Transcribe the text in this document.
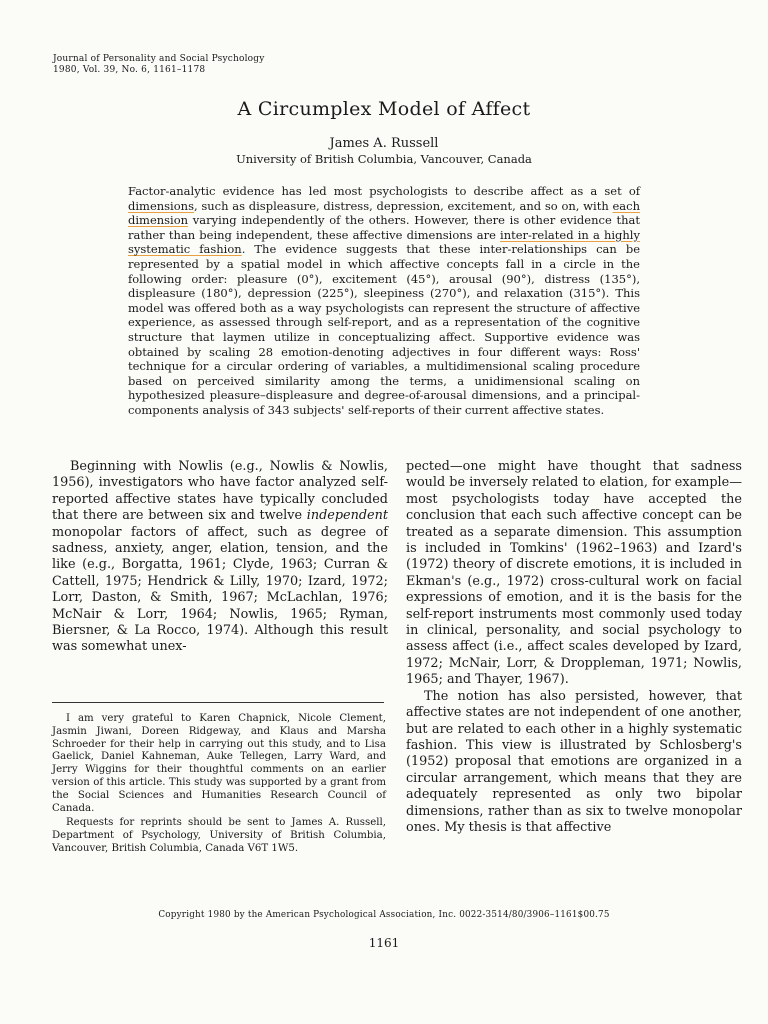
Journal of Personality and Social Psychology
1980, Vol. 39, No. 6, 1161–1178
A Circumplex Model of Affect
James A. Russell
University of British Columbia, Vancouver, Canada
Factor-analytic evidence has led most psychologists to describe affect as a set of dimensions, such as displeasure, distress, depression, excitement, and so on, with each dimension varying independently of the others. However, there is other evidence that rather than being independent, these affective dimensions are inter-related in a highly systematic fashion. The evidence suggests that these inter-relationships can be represented by a spatial model in which affective concepts fall in a circle in the following order: pleasure (0°), excitement (45°), arousal (90°), distress (135°), displeasure (180°), depression (225°), sleepiness (270°), and relaxation (315°). This model was offered both as a way psychologists can represent the structure of affective experience, as assessed through self-report, and as a representation of the cognitive structure that laymen utilize in conceptualizing affect. Supportive evidence was obtained by scaling 28 emotion-denoting adjectives in four different ways: Ross' technique for a circular ordering of variables, a multidimensional scaling procedure based on perceived similarity among the terms, a unidimensional scaling on hypothesized pleasure–displeasure and degree-of-arousal dimensions, and a principal-components analysis of 343 subjects' self-reports of their current affective states.

Beginning with Nowlis (e.g., Nowlis & Nowlis, 1956), investigators who have factor analyzed self-reported affective states have typically concluded that there are between six and twelve independent monopolar factors of affect, such as degree of sadness, anxiety, anger, elation, tension, and the like (e.g., Borgatta, 1961; Clyde, 1963; Curran & Cattell, 1975; Hendrick & Lilly, 1970; Izard, 1972; Lorr, Daston, & Smith, 1967; McLachlan, 1976; McNair & Lorr, 1964; Nowlis, 1965; Ryman, Biersner, & La Rocco, 1974). Although this result was somewhat unex-

I am very grateful to Karen Chapnick, Nicole Clement, Jasmin Jiwani, Doreen Ridgeway, and Klaus and Marsha Schroeder for their help in carrying out this study, and to Lisa Gaelick, Daniel Kahneman, Auke Tellegen, Larry Ward, and Jerry Wiggins for their thoughtful comments on an earlier version of this article. This study was supported by a grant from the Social Sciences and Humanities Research Council of Canada.

Requests for reprints should be sent to James A. Russell, Department of Psychology, University of British Columbia, Vancouver, British Columbia, Canada V6T 1W5.

pected—one might have thought that sadness would be inversely related to elation, for example—most psychologists today have accepted the conclusion that each such affective concept can be treated as a separate dimension. This assumption is included in Tomkins' (1962–1963) and Izard's (1972) theory of discrete emotions, it is included in Ekman's (e.g., 1972) cross-cultural work on facial expressions of emotion, and it is the basis for the self-report instruments most commonly used today in clinical, personality, and social psychology to assess affect (i.e., affect scales developed by Izard, 1972; McNair, Lorr, & Droppleman, 1971; Nowlis, 1965; and Thayer, 1967).

The notion has also persisted, however, that affective states are not independent of one another, but are related to each other in a highly systematic fashion. This view is illustrated by Schlosberg's (1952) proposal that emotions are organized in a circular arrangement, which means that they are adequately represented as only two bipolar dimensions, rather than as six to twelve monopolar ones. My thesis is that affective

Copyright 1980 by the American Psychological Association, Inc. 0022-3514/80/3906–1161$00.75
1161
